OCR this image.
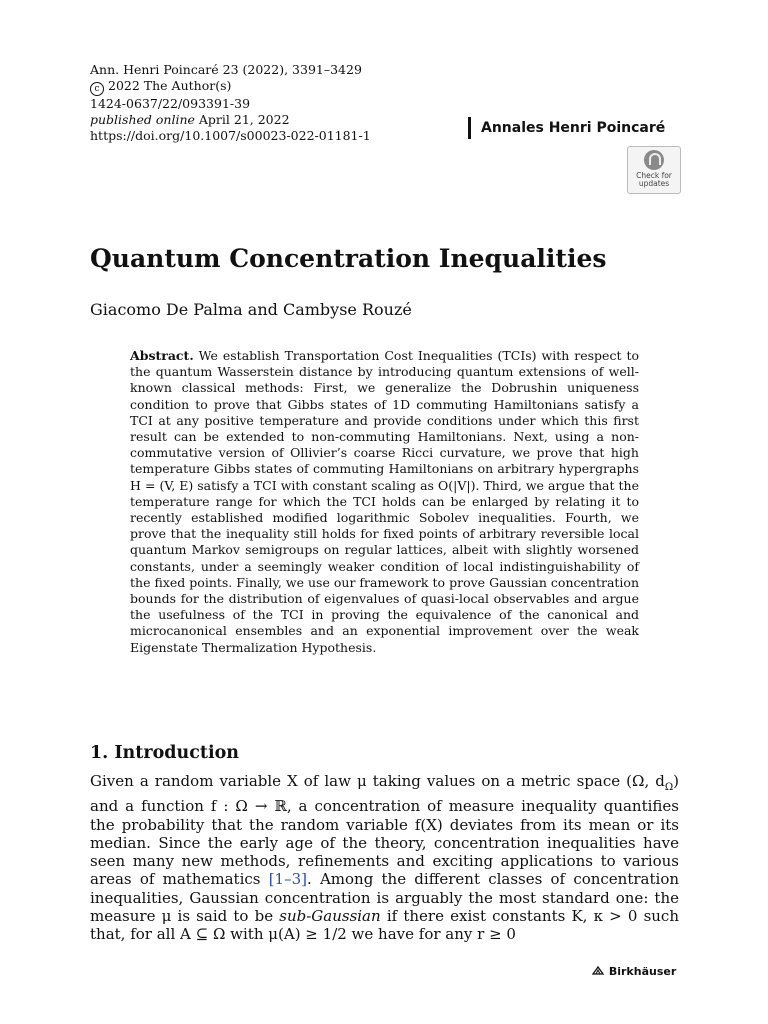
Ann. Henri Poincaré 23 (2022), 3391–3429
c 2022 The Author(s)
1424-0637/22/093391-39
published online April 21, 2022
https://doi.org/10.1007/s00023-022-01181-1	Annales Henri Poincaré
Check for
updates
Quantum Concentration Inequalities
Giacomo De Palma and Cambyse Rouzé

Abstract. We establish Transportation Cost Inequalities (TCIs) with respect to the quantum Wasserstein distance by introducing quantum extensions of well-known classical methods: First, we generalize the Dobrushin uniqueness condition to prove that Gibbs states of 1D commuting Hamiltonians satisfy a TCI at any positive temperature and provide conditions under which this first result can be extended to non-commuting Hamiltonians. Next, using a non-commutative version of Ollivier’s coarse Ricci curvature, we prove that high temperature Gibbs states of commuting Hamiltonians on arbitrary hypergraphs H = (V, E) satisfy a TCI with constant scaling as O(|V|). Third, we argue that the temperature range for which the TCI holds can be enlarged by relating it to recently established modified logarithmic Sobolev inequalities. Fourth, we prove that the inequality still holds for fixed points of arbitrary reversible local quantum Markov semigroups on regular lattices, albeit with slightly worsened constants, under a seemingly weaker condition of local indistinguishability of the fixed points. Finally, we use our framework to prove Gaussian concentration bounds for the distribution of eigenvalues of quasi-local observables and argue the usefulness of the TCI in proving the equivalence of the canonical and microcanonical ensembles and an exponential improvement over the weak Eigenstate Thermalization Hypothesis.

1. Introduction

Given a random variable X of law μ taking values on a metric space (Ω, $d_\Omega$) and a function f : Ω → ℝ, a concentration of measure inequality quantifies the probability that the random variable f(X) deviates from its mean or its median. Since the early age of the theory, concentration inequalities have seen many new methods, refinements and exciting applications to various areas of mathematics [1–3]. Among the different classes of concentration inequalities, Gaussian concentration is arguably the most standard one: the measure μ is said to be sub-Gaussian if there exist constants K, κ > 0 such that, for all A ⊆ Ω with μ(A) ≥ 1/2 we have for any r ≥ 0

Birkhäuser
